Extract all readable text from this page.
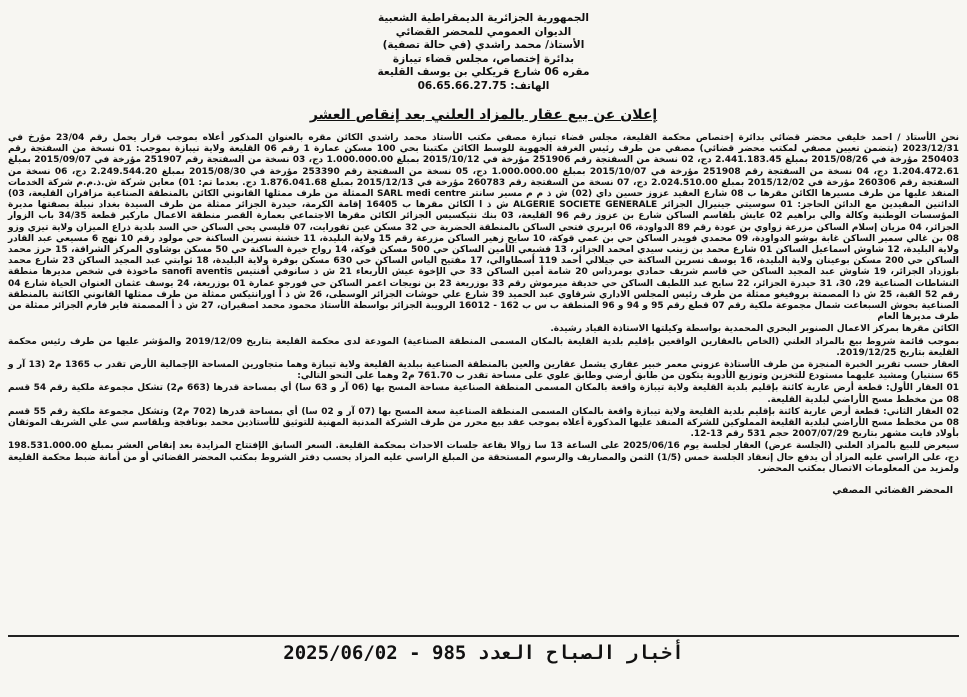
الجمهورية الجزائرية الديمقراطية الشعبية
الديوان العمومي للمحضر القضائي
الأستاذ/ محمد راشدي (في حالة تصفية)
بدائرة إختصاص، مجلس قضاء تيبازة
مقره 06 شارع قريكلي بن يوسف القليعة
الهاتف: 06.65.66.27.75
إعلان عن بيع عقار بالمزاد العلني بعد إنقاص العشر

نحن الأستاذ / احمد خليفي محضر قضائي بدائرة إختصاص محكمة القليعة، مجلس قضاء تيبازة مصفي مكتب الأستاذ محمد راشدي الكائن مقره بالعنوان المذكور أعلاه بموجب قرار يحمل رقم 23/04 مؤرخ في 2023/12/31 (يتضمن تعيين مصفي لمكتب محضر قضائي) مصفي من طرف رئيس الغرفة الجهوية للوسط الكائن مكتبنا بحي 100 مسكن عمارة 1 رقم 06 القليعة ولاية تيبازة بموجب: 01 نسخة من السفتجة رقم 250403 مؤرخة في 2015/08/26 بمبلغ 2.441.183.45 دج، 02 نسخة من السفتجة رقم 251906 مؤرخة في 2015/10/12 بمبلغ 1.000.000.00 دج، 03 نسخة من السفتجة رقم 251907 مؤرخة في 2015/09/07 بمبلغ 1.204.472.61 دج، 04 نسخة من السفتجة رقم 251908 مؤرخة في 2015/10/07 بمبلغ 1.000.000.00 دج، 05 نسخة من السفتجة رقم 253390 مؤرخة في 2015/08/30 بمبلغ 2.249.544.20 دج، 06 نسخة من السفتجة رقم 260306 مؤرخة في 2015/12/02 بمبلغ 2.024.510.00 دج، 07 نسخة من السفتجة رقم 260783 مؤرخة في 2015/12/13 بمبلغ 1.876.041.68 دج. بعدما تم: 01) معاين شركة ش.ذ.م.م شركة الخدمات المنفذ عليها من طرف مسيرها الكائن مقرها ب 08 شارع العقيد عزوز حسين داي (02) ش ذ م م مسير سانتر SARL medi centre الممثلة من طرف ممثلها القانوني الكائن بالمنطقة الصناعية مزافران القليعة، 03) الدائنين المقيدين مع الدائن الحاجز: 01 سوسيتي جينيرال الجزائر ALGERIE SOCIETE GENERALE ش ذ ا الكائن مقرها ب 16405 إقامة الكرمة، حيدرة الجزائر ممثلة من طرف السيدة بغداد نبيلة بصفتها مديرة المؤسسات الوطنية وكالة والي براهيم 02 عايش بلقاسم الساكن شارع بن عزوز رقم 96 القليعة، 03 بنك نتيكسيس الجزائر الكائن مقرها الاجتماعي بعمارة القصر منطقة الاعمال ماركير قطعة 34/35 باب الزوار الجزائر، 04 مزيان إسلام الساكن مزرعة زواوي بن عودة رقم 89 الدواودة، 06 ابريري فتحي الساكن بالمنطقة الحضرية حي 32 مسكن عين تقورايت، 07 قليسي يحي الساكن حي السد بلدية ذراع الميزان ولاية تيزي وزو 08 بن غالي سمير الساكن غابة بوشو الدواودة، 09 محمدي فويدر الساكن حي بن عمي قوكة، 10 سايح زهير الساكن مزرعة رقم 15 ولاية البليدة، 11 خشنة نسرين الساكنة حي مولود رقم 10 نهج 6 مسيعي عبد القادر ولاية البليدة، 12 شاوش اسماعيل الساكن 01 شارع محمد بن زينب سيدي امحمد الجزائر، 13 قشيعي الأمين الساكن حي 500 مسكن قوكة، 14 رواح خيرة الساكنة حي 50 مسكن بوشاوي المركز الشراقة، 15 حرز محمد الساكن حي 200 مسكن بوعينان ولاية البليدة، 16 يوسف نسرين الساكنة حي جيلالي أحمد 119 أسطاوالي، 17 مفتيح الياس الساكن حي 630 مسكن بوقرة ولاية البليدة، 18 ثوابتي عبد المجيد الساكن 23 شارع محمد بلوزداد الجزائر، 19 شاوش عبد المجيد الساكن حي قاسم شريف حمادي بومرداس 20 شامة أمين الساكن 33 حي الإخوة عيش الأربعاء 21 ش ذ سانوفي أفنتيس sanofi aventis ماخوذة في شخص مديرها منطقة النشاطات الصناعية 29، 30، 31 حيدرة الجزائر، 22 سايح عبد اللطيف الساكن حي حديقة ميرموش رقم 33 بوزريعة 23 بن نويجات اعمر الساكن حي فورجو عمارة 01 بوزريعة، 24 يوسف عثمان العنوان الحياة شارع 04 رقم 52 القبة، 25 ش ذا المصمتة بروفيغو ممثلة من طرف رئيس المجلس الاداري شرقاوي عبد الحميد 39 شارع علي حوشات الجزائر الوسطى، 26 ش ذ أ اورانتيكس ممثلة من طرف ممثلها القانوني الكائنة بالمنطقة الصناعية بحوش السبعاعت شمال مجموعة ملكية رقم 07 قطع رقم 95 و 94 و 96 المنطقة ب س ب 162 - 16012 الرويبة الجزائر بواسطة الأستاذ محمود محمد اصقيران، 27 ش ذ أ المصمتة فاير فارم الجزائر ممثلة من طرف مديرها العام

الكائن مقرها بمركز الاعمال الصنوبر البحري المحمدية بواسطة وكيلتها الاستاذة الفياد رشيدة.

بموجب قائمة شروط بيع بالمزاد العلني (الخاص بالعقارين الواقعين بإقليم بلدية القليعة بالمكان المسمى المنطقة الصناعية) المودعة لدى محكمة القليعة بتاريخ 2019/12/09 والمؤشر عليها من طرف رئيس محكمة القليعة بتاريخ 2019/12/25.

العقار حسب تقرير الخبرة المنجزة من طرف الأستاذة عزوني معمر خبير عقاري يشمل عقارين والعين بالمنطقة الصناعية ببلدية القليعة ولاية تيبازة وهما متجاورين المساحة الإجمالية الأرض تقدر ب 1365 م2 (13 آر و 65 سنتيار) ومشيد عليهما مستودع للتخزين وتوزيع الأدوية يتكون من طابق أرضي وطابق علوي على مساحة تقدر ب 761.70 م2 وهما على النحو التالي:

01 العقار الأول: قطعة أرض عارية كائنة بإقليم بلدية القليعة ولاية تيبازة واقعة بالمكان المسمى المنطقة الصناعية مساحة المسح بها (06 آر و 63 سا) أي بمساحة قدرها (663 م2) تشكل مجموعة ملكية رقم 54 قسم 08 من مخطط مسح الأراضي لبلدية القليعة.

02 العقار الثاني: قطعة أرض عارية كائنة بإقليم بلدية القليعة ولاية تيبازة واقعة بالمكان المسمى المنطقة الصناعية سعة المسح بها (07 آر و 02 سا) أي بمساحة قدرها (702 م2) وتشكل مجموعة ملكية رقم 55 قسم 08 من مخطط مسح الأراضي لبلدية القليعة المملوكين للشركة المنفذ عليها المذكورة أعلاه بموجب عقد بيع محرر من طرف الشركة المدنية المهنية للتوثيق للأستاذين محمد بونافجة وبلقاسم سي علي الشريف الموثقان بأولاد فايت مشهر بتاريخ 2007/07/29 حجم 531 رقم 13-12.

سيعرض للبيع بالمزاد العلني (الجلسة عرض) العقار لجلسة يوم 2025/06/16 على الساعة 13 سا زوالا بقاعة جلسات الاحداث بمحكمة القليعة. السعر السابق الإفتتاح المزايدة بعد إنقاص العشر بمبلغ 198.531.000.00 دج، على الراسي عليه المزاد أن يدفع حال إنعقاد الجلسة خمس (1/5) الثمن والمصاريف والرسوم المستحقة من المبلغ الراسي عليه المزاد بحسب دفتر الشروط بمكتب المحضر القضائي أو من أمانة ضبط محكمة القليعة ولمزيد من المعلومات الاتصال بمكتب المحضر.

المحضر القضائي المصفي
أخبار الصباح العدد 985 - 2025/06/02
